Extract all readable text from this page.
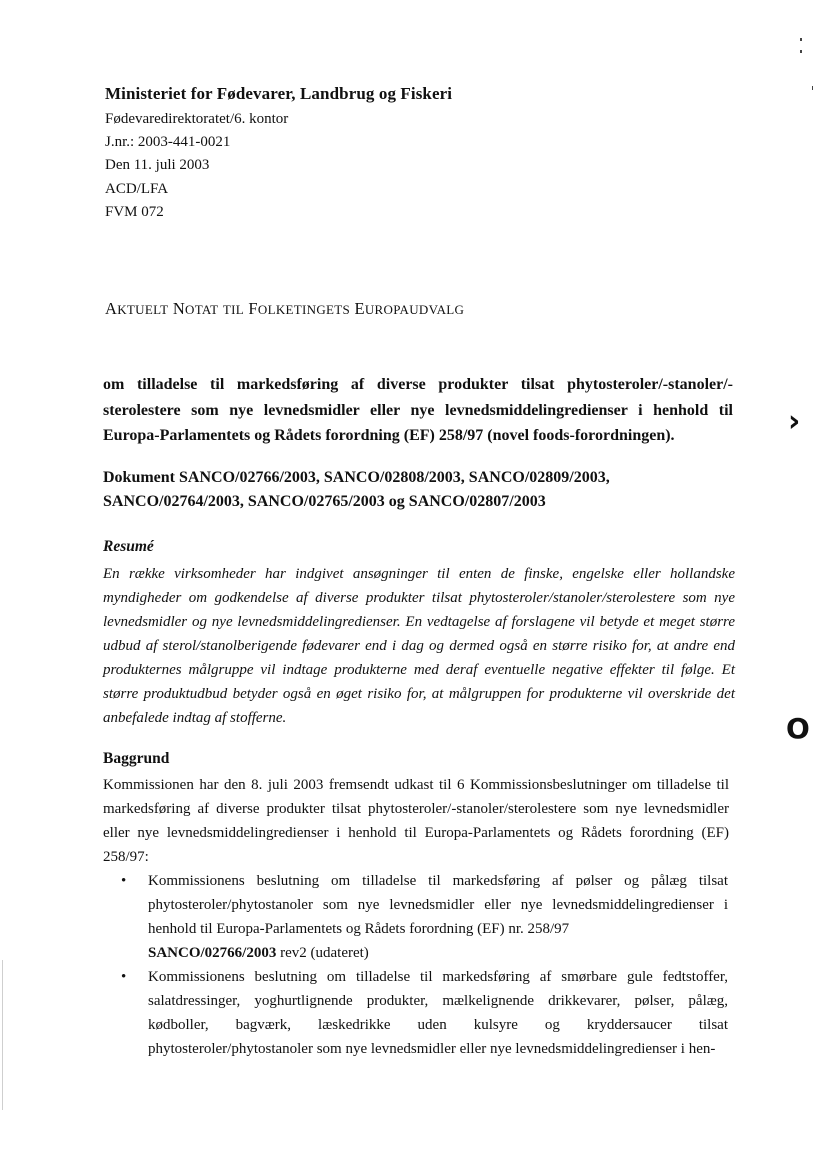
Ministeriet for Fødevarer, Landbrug og Fiskeri
Fødevaredirektoratet/6. kontor
J.nr.: 2003-441-0021
Den 11. juli 2003
ACD/LFA
FVM 072
AKTUELT NOTAT TIL FOLKETINGETS EUROPAUDVALG
om tilladelse til markedsføring af diverse produkter tilsat phytosteroler/-stanoler/-sterolestere som nye levnedsmidler eller nye levnedsmiddelingredienser i henhold til Europa-Parlamentets og Rådets forordning (EF) 258/97 (novel foods-forordningen).
Dokument SANCO/02766/2003, SANCO/02808/2003, SANCO/02809/2003,
SANCO/02764/2003, SANCO/02765/2003 og SANCO/02807/2003
Resumé
En række virksomheder har indgivet ansøgninger til enten de finske, engelske eller hollandske myndigheder om godkendelse af diverse produkter tilsat phytosteroler/stanoler/sterolestere som nye levnedsmidler og nye levnedsmiddelingredienser. En vedtagelse af forslagene vil betyde et meget større udbud af sterol/stanolberigende fødevarer end i dag og dermed også en større risiko for, at andre end produkternes målgruppe vil indtage produkterne med deraf eventuelle negative effekter til følge. Et større produktudbud betyder også en øget risiko for, at målgruppen for produkterne vil overskride det anbefalede indtag af stofferne.
Baggrund
Kommissionen har den 8. juli 2003 fremsendt udkast til 6 Kommissionsbeslutninger om tilladelse til markedsføring af diverse produkter tilsat phytosteroler/-stanoler/sterolestere som nye levnedsmidler eller nye levnedsmiddelingredienser i henhold til Europa-Parlamentets og Rådets forordning (EF) 258/97:
• Kommissionens beslutning om tilladelse til markedsføring af pølser og pålæg tilsat phytosteroler/phytostanoler som nye levnedsmidler eller nye levnedsmiddelingredienser i henhold til Europa-Parlamentets og Rådets forordning (EF) nr. 258/97
SANCO/02766/2003 rev2 (udateret)
• Kommissionens beslutning om tilladelse til markedsføring af smørbare gule fedtstoffer, salatdressinger, yoghurtlignende produkter, mælkelignende drikkevarer, pølser, pålæg, kødboller, bagværk, læskedrikke uden kulsyre og kryddersaucer tilsat phytosteroler/phytostanoler som nye levnedsmidler eller nye levnedsmiddelingredienser i hen-
›
O
